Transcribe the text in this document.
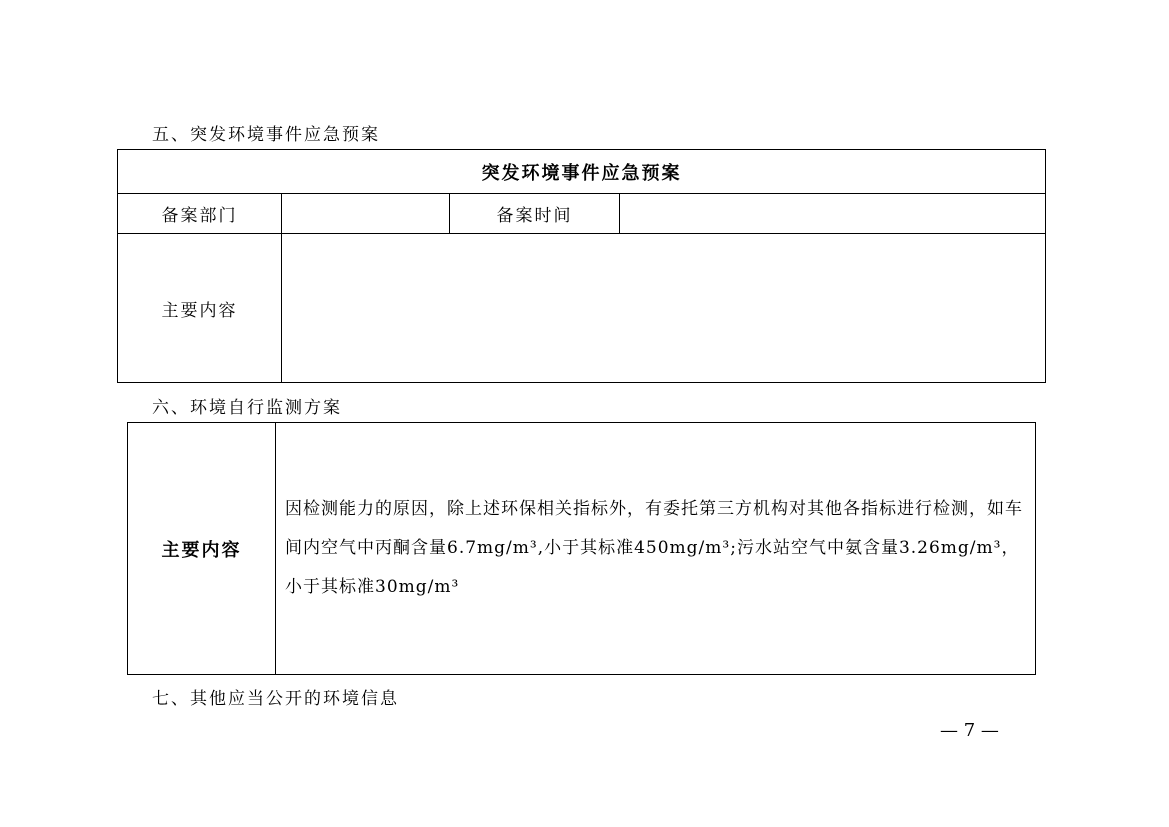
五、突发环境事件应急预案
突发环境事件应急预案			
备案部门		备案时间	
主要内容			
六、环境自行监测方案
主要内容	因检测能力的原因，除上述环保相关指标外，有委托第三方机构对其他各指标进行检测，如车间内空气中丙酮含量6.7mg/m³,小于其标准450mg/m³;污水站空气中氨含量3.26mg/m³，小于其标准30mg/m³
七、其他应当公开的环境信息
— 7 —
